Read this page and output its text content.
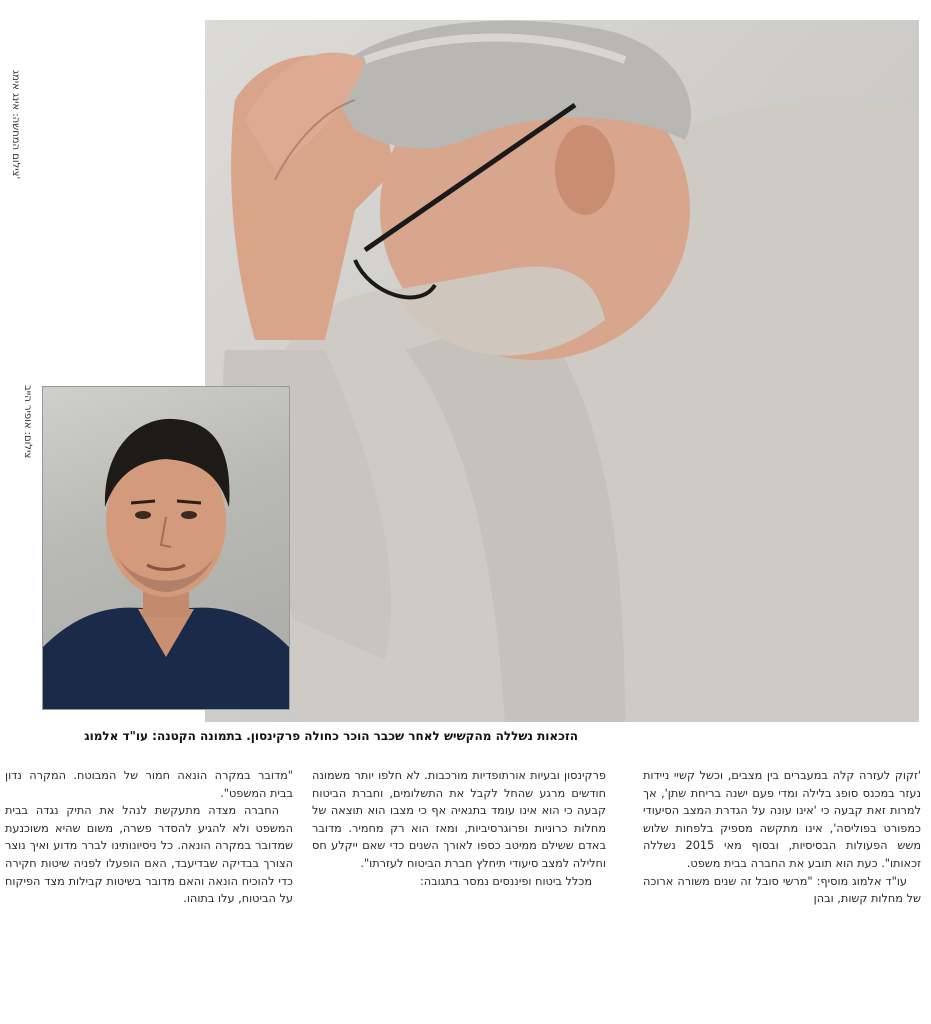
צילום המחשה: אינג אימג'
צילום: אופיר הייב
הזכאות נשללה מהקשיש לאחר שכבר הוכר כחולה פרקינסון. בתמונה הקטנה: עו"ד אלמוג

'זקוק לעזרה קלה במעברים בין מצבים, וכשל קשיי ניידות נעזר במכנס סופג בלילה ומדי פעם ישנה בריחת שתן', אך למרות זאת קבעה כי 'אינו עונה על הגדרת המצב הסיעודי כמפורט בפוליסה', אינו מתקשה מספיק בלפחות שלוש משש הפעולות הבסיסיות, ובסוף מאי 2015 נשללה זכאותו". כעת הוא תובע את החברה בבית משפט.

עו"ד אלמוג מוסיף: "מרשי סובל זה שנים משורה ארוכה של מחלות קשות, ובהן

פרקינסון ובעיות אורתופדיות מורכבות. לא חלפו יותר משמונה חודשים מרגע שהחל לקבל את התשלומים, וחברת הביטוח קבעה כי הוא אינו עומד בתנאיה אף כי מצבו הוא תוצאה של מחלות כרוניות ופרוגרסיביות, ומאז הוא רק מחמיר. מדובר באדם ששילם ממיטב כספו לאורך השנים כדי שאם ייקלע חס וחלילה למצב סיעודי תיחלץ חברת הביטוח לעזרתו".

מכלל ביטוח ופיננסים נמסר בתגובה:

"מדובר במקרה הונאה חמור של המבוטח. המקרה נדון בבית המשפט".

החברה מצדה מתעקשת לנהל את התיק נגדה בבית המשפט ולא להגיע להסדר פשרה, משום שהיא משוכנעת שמדובר במקרה הונאה. כל ניסיונותינו לברר מדוע ואיך נוצר הצורך בבדיקה שבדיעבד, האם הופעלו לפניה שיטות חקירה כדי להוכיח הונאה והאם מדובר בשיטות קבילות מצד הפיקוח על הביטוח, עלו בתוהו.
